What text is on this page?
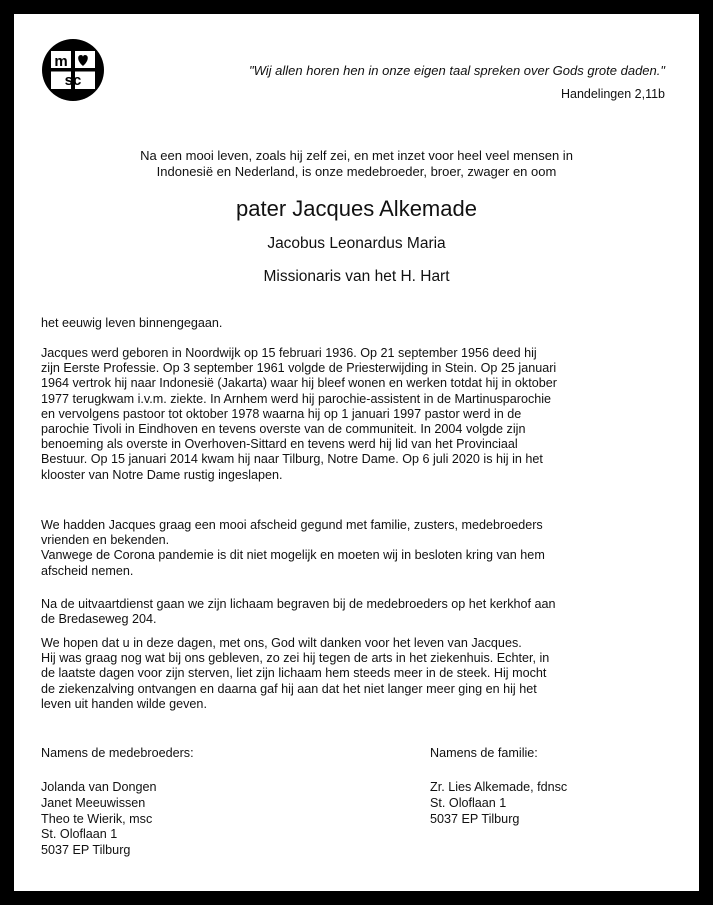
m
sc
"Wij allen horen hen in onze eigen taal spreken over Gods grote daden."
Handelingen 2,11b
Na een mooi leven, zoals hij zelf zei, en met inzet voor heel veel mensen in
Indonesië en Nederland, is onze medebroeder, broer, zwager en oom
pater Jacques Alkemade
Jacobus Leonardus Maria
Missionaris van het H. Hart
het eeuwig leven binnengegaan.
Jacques werd geboren in Noordwijk op 15 februari 1936. Op 21 september 1956 deed hij
zijn Eerste Professie. Op 3 september 1961 volgde de Priesterwijding in Stein. Op 25 januari
1964 vertrok hij naar Indonesië (Jakarta) waar hij bleef wonen en werken totdat hij in oktober
1977 terugkwam i.v.m. ziekte. In Arnhem werd hij parochie-assistent in de Martinusparochie
en vervolgens pastoor tot oktober 1978 waarna hij op 1 januari 1997 pastor werd in de
parochie Tivoli in Eindhoven en tevens overste van de communiteit. In 2004 volgde zijn
benoeming als overste in Overhoven-Sittard en tevens werd hij lid van het Provinciaal
Bestuur. Op 15 januari 2014 kwam hij naar Tilburg, Notre Dame. Op 6 juli 2020 is hij in het
klooster van Notre Dame rustig ingeslapen.
We hadden Jacques graag een mooi afscheid gegund met familie, zusters, medebroeders
vrienden en bekenden.
Vanwege de Corona pandemie is dit niet mogelijk en moeten wij in besloten kring van hem
afscheid nemen.
Na de uitvaartdienst gaan we zijn lichaam begraven bij de medebroeders op het kerkhof aan
de Bredaseweg 204.
We hopen dat u in deze dagen, met ons, God wilt danken voor het leven van Jacques.
Hij was graag nog wat bij ons gebleven, zo zei hij tegen de arts in het ziekenhuis. Echter, in
de laatste dagen voor zijn sterven, liet zijn lichaam hem steeds meer in de steek. Hij mocht
de ziekenzalving ontvangen en daarna gaf hij aan dat het niet langer meer ging en hij het
leven uit handen wilde geven.
Namens de medebroeders:
Jolanda van Dongen
Janet Meeuwissen
Theo te Wierik, msc
St. Oloflaan 1
5037 EP Tilburg
Namens de familie:
Zr. Lies Alkemade, fdnsc
St. Oloflaan 1
5037 EP Tilburg
